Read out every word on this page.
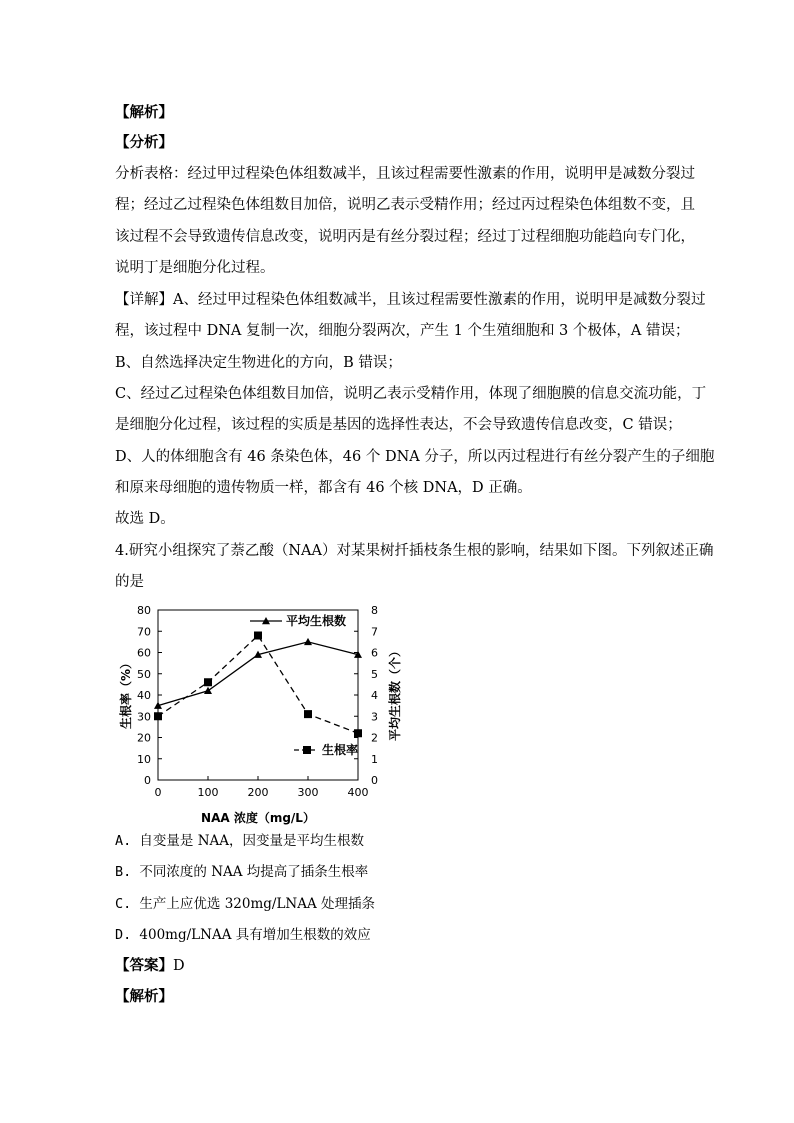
【解析】
【分析】
分析表格：经过甲过程染色体组数减半，且该过程需要性激素的作用，说明甲是减数分裂过
程；经过乙过程染色体组数目加倍，说明乙表示受精作用；经过丙过程染色体组数不变，且
该过程不会导致遗传信息改变，说明丙是有丝分裂过程；经过丁过程细胞功能趋向专门化，
说明丁是细胞分化过程。
【详解】A、经过甲过程染色体组数减半，且该过程需要性激素的作用，说明甲是减数分裂过
程，该过程中 DNA 复制一次，细胞分裂两次，产生 1 个生殖细胞和 3 个极体，A 错误；
B、自然选择决定生物进化的方向，B 错误；
C、经过乙过程染色体组数目加倍，说明乙表示受精作用，体现了细胞膜的信息交流功能，丁
是细胞分化过程，该过程的实质是基因的选择性表达，不会导致遗传信息改变，C 错误；
D、人的体细胞含有 46 条染色体，46 个 DNA 分子，所以丙过程进行有丝分裂产生的子细胞
和原来母细胞的遗传物质一样，都含有 46 个核 DNA，D 正确。
故选 D。
4.研究小组探究了萘乙酸（NAA）对某果树扦插枝条生根的影响，结果如下图。下列叙述正确
的是
0
10
20
30
40
50
60
70
80
0
1
2
3
4
5
6
7
8
0	100	200	300	400
平均生根数
生根率
生根率（%）	平均生根数（个）
NAA 浓度（mg/L）
A. 自变量是 NAA，因变量是平均生根数
B. 不同浓度的 NAA 均提高了插条生根率
C. 生产上应优选 320mg/LNAA 处理插条
D. 400mg/LNAA 具有增加生根数的效应
【答案】D
【解析】
